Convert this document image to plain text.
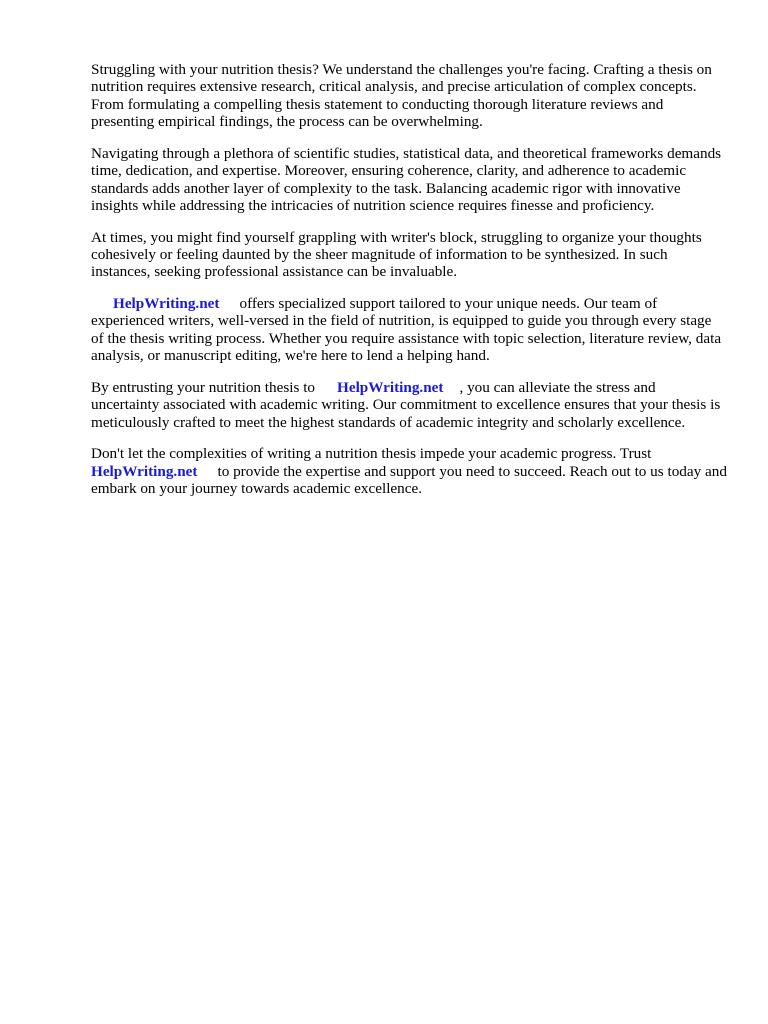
Struggling with your nutrition thesis? We understand the challenges you're facing. Crafting a thesis on nutrition requires extensive research, critical analysis, and precise articulation of complex concepts. From formulating a compelling thesis statement to conducting thorough literature reviews and presenting empirical findings, the process can be overwhelming.

Navigating through a plethora of scientific studies, statistical data, and theoretical frameworks demands time, dedication, and expertise. Moreover, ensuring coherence, clarity, and adherence to academic standards adds another layer of complexity to the task. Balancing academic rigor with innovative insights while addressing the intricacies of nutrition science requires finesse and proficiency.

At times, you might find yourself grappling with writer's block, struggling to organize your thoughts cohesively or feeling daunted by the sheer magnitude of information to be synthesized. In such instances, seeking professional assistance can be invaluable.

HelpWriting.net offers specialized support tailored to your unique needs. Our team of experienced writers, well-versed in the field of nutrition, is equipped to guide you through every stage of the thesis writing process. Whether you require assistance with topic selection, literature review, data analysis, or manuscript editing, we're here to lend a helping hand.

By entrusting your nutrition thesis to HelpWriting.net , you can alleviate the stress and uncertainty associated with academic writing. Our commitment to excellence ensures that your thesis is meticulously crafted to meet the highest standards of academic integrity and scholarly excellence.

Don't let the complexities of writing a nutrition thesis impede your academic progress. Trust HelpWriting.net to provide the expertise and support you need to succeed. Reach out to us today and embark on your journey towards academic excellence.
